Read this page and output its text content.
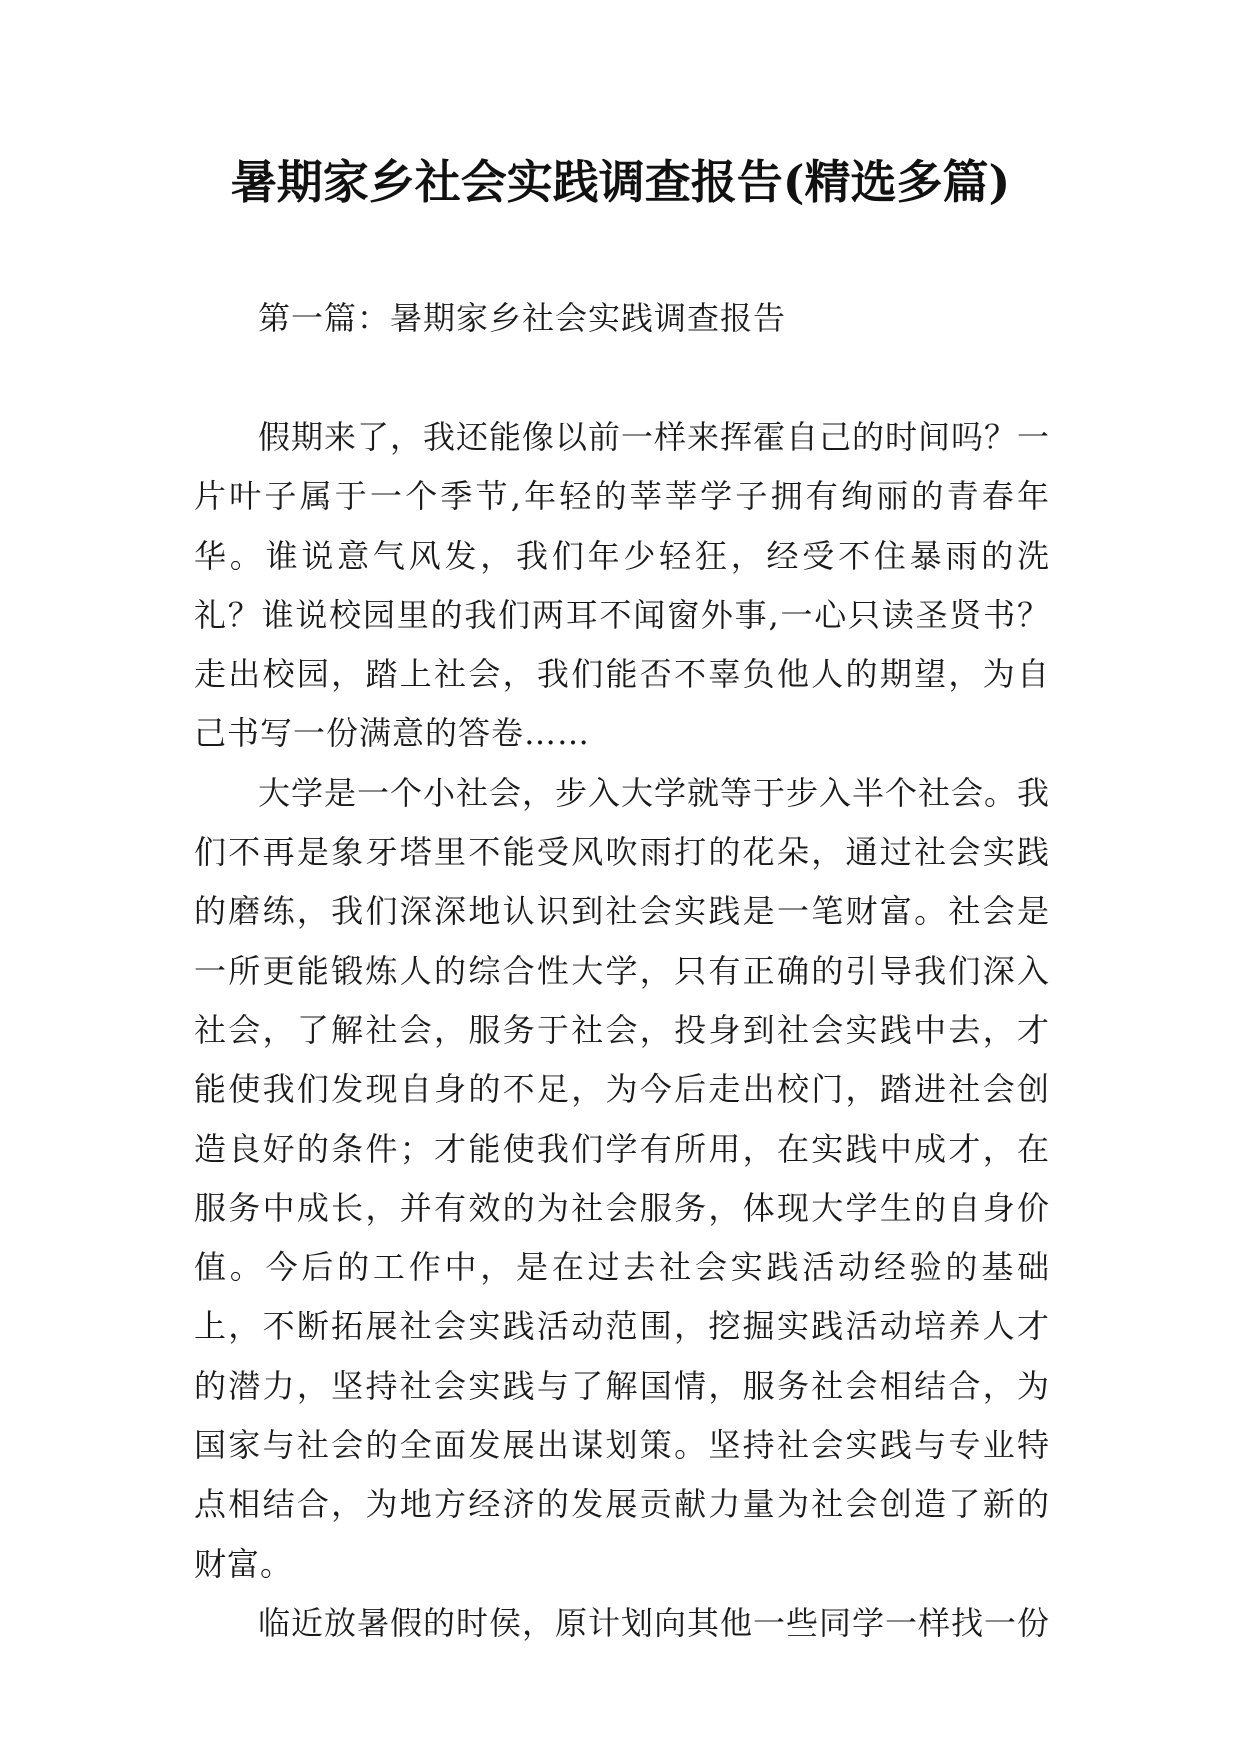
暑期家乡社会实践调查报告(精选多篇)

第一篇：暑期家乡社会实践调查报告

假期来了，我还能像以前一样来挥霍自己的时间吗？一片叶子属于一个季节,年轻的莘莘学子拥有绚丽的青春年华。谁说意气风发，我们年少轻狂，经受不住暴雨的洗礼？谁说校园里的我们两耳不闻窗外事,一心只读圣贤书？走出校园，踏上社会，我们能否不辜负他人的期望，为自己书写一份满意的答卷……

大学是一个小社会，步入大学就等于步入半个社会。我们不再是象牙塔里不能受风吹雨打的花朵，通过社会实践的磨练，我们深深地认识到社会实践是一笔财富。社会是一所更能锻炼人的综合性大学，只有正确的引导我们深入社会，了解社会，服务于社会，投身到社会实践中去，才能使我们发现自身的不足，为今后走出校门，踏进社会创造良好的条件；才能使我们学有所用，在实践中成才，在服务中成长，并有效的为社会服务，体现大学生的自身价值。今后的工作中，是在过去社会实践活动经验的基础上，不断拓展社会实践活动范围，挖掘实践活动培养人才的潜力，坚持社会实践与了解国情，服务社会相结合，为国家与社会的全面发展出谋划策。坚持社会实践与专业特点相结合，为地方经济的发展贡献力量为社会创造了新的财富。

临近放暑假的时侯，原计划向其他一些同学一样找一份
